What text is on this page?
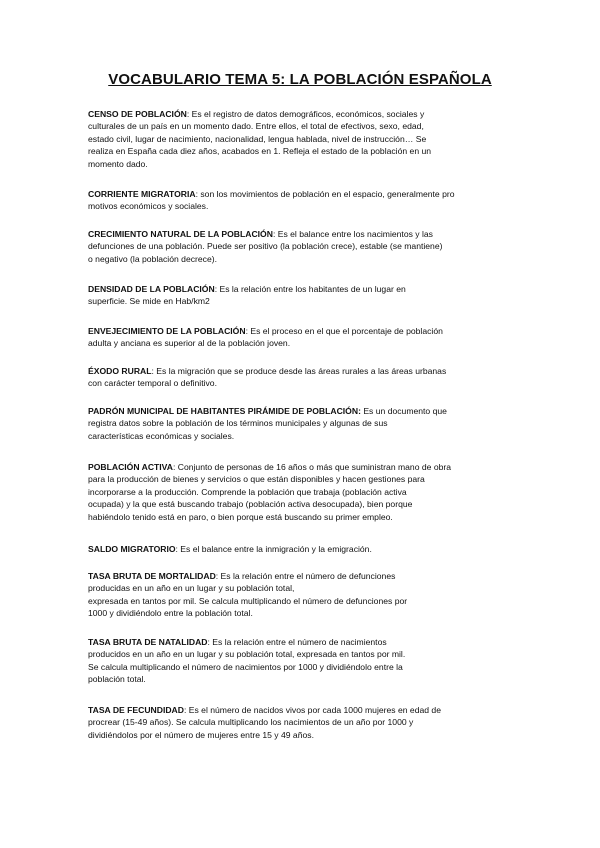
VOCABULARIO TEMA 5: LA POBLACIÓN ESPAÑOLA
CENSO DE POBLACIÓN: Es el registro de datos demográficos, económicos, sociales y
culturales de un país en un momento dado. Entre ellos, el total de efectivos, sexo, edad,
estado civil, lugar de nacimiento, nacionalidad, lengua hablada, nivel de instrucción… Se
realiza en España cada diez años, acabados en 1. Refleja el estado de la población en un
momento dado.
CORRIENTE MIGRATORIA: son los movimientos de población en el espacio, generalmente pro
motivos económicos y sociales.
CRECIMIENTO NATURAL DE LA POBLACIÓN: Es el balance entre los nacimientos y las
defunciones de una población. Puede ser positivo (la población crece), estable (se mantiene)
o negativo (la población decrece).
DENSIDAD DE LA POBLACIÓN: Es la relación entre los habitantes de un lugar en
superficie. Se mide en Hab/km2
ENVEJECIMIENTO DE LA POBLACIÓN: Es el proceso en el que el porcentaje de población
adulta y anciana es superior al de la población joven.
ÉXODO RURAL: Es la migración que se produce desde las áreas rurales a las áreas urbanas
con carácter temporal o definitivo.
PADRÓN MUNICIPAL DE HABITANTES PIRÁMIDE DE POBLACIÓN: Es un documento que
registra datos sobre la población de los términos municipales y algunas de sus
características económicas y sociales.
POBLACIÓN ACTIVA: Conjunto de personas de 16 años o más que suministran mano de obra
para la producción de bienes y servicios o que están disponibles y hacen gestiones para
incorporarse a la producción. Comprende la población que trabaja (población activa
ocupada) y la que está buscando trabajo (población activa desocupada), bien porque
habiéndolo tenido está en paro, o bien porque está buscando su primer empleo.
SALDO MIGRATORIO: Es el balance entre la inmigración y la emigración.
TASA BRUTA DE MORTALIDAD: Es la relación entre el número de defunciones
producidas en un año en un lugar y su población total,
expresada en tantos por mil. Se calcula multiplicando el número de defunciones por
1000 y dividiéndolo entre la población total.
TASA BRUTA DE NATALIDAD: Es la relación entre el número de nacimientos
producidos en un año en un lugar y su población total, expresada en tantos por mil.
Se calcula multiplicando el número de nacimientos por 1000 y dividiéndolo entre la
población total.
TASA DE FECUNDIDAD: Es el número de nacidos vivos por cada 1000 mujeres en edad de
procrear (15-49 años). Se calcula multiplicando los nacimientos de un año por 1000 y
dividiéndolos por el número de mujeres entre 15 y 49 años.
